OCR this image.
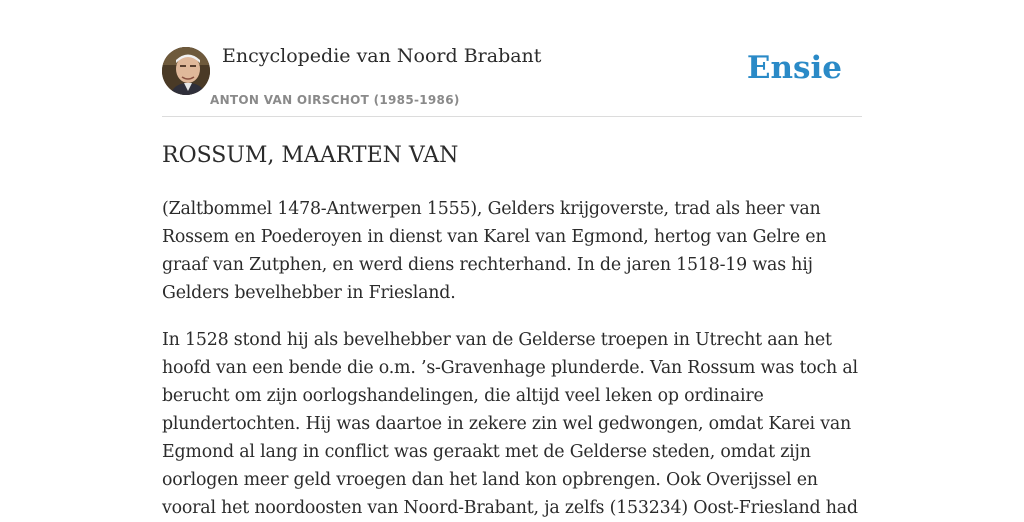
Encyclopedie van Noord Brabant
ANTON VAN OIRSCHOT (1985-1986)
Ensie
ROSSUM, MAARTEN VAN

(Zaltbommel 1478-Antwerpen 1555), Gelders krijgoverste, trad als heer van Rossem en Poederoyen in dienst van Karel van Egmond, hertog van Gelre en graaf van Zutphen, en werd diens rechterhand. In de jaren 1518-19 was hij Gelders bevelhebber in Friesland.

In 1528 stond hij als bevelhebber van de Gelderse troepen in Utrecht aan het hoofd van een bende die o.m. ’s-Gravenhage plunderde. Van Rossum was toch al berucht om zijn oorlogshandelingen, die altijd veel leken op ordinaire plundertochten. Hij was daartoe in zekere zin wel gedwongen, omdat Karei van Egmond al lang in conflict was geraakt met de Gelderse steden, omdat zijn oorlogen meer geld vroegen dan het land kon opbrengen. Ook Overijssel en vooral het noordoosten van Noord-Brabant, ja zelfs (153234) Oost-Friesland had
